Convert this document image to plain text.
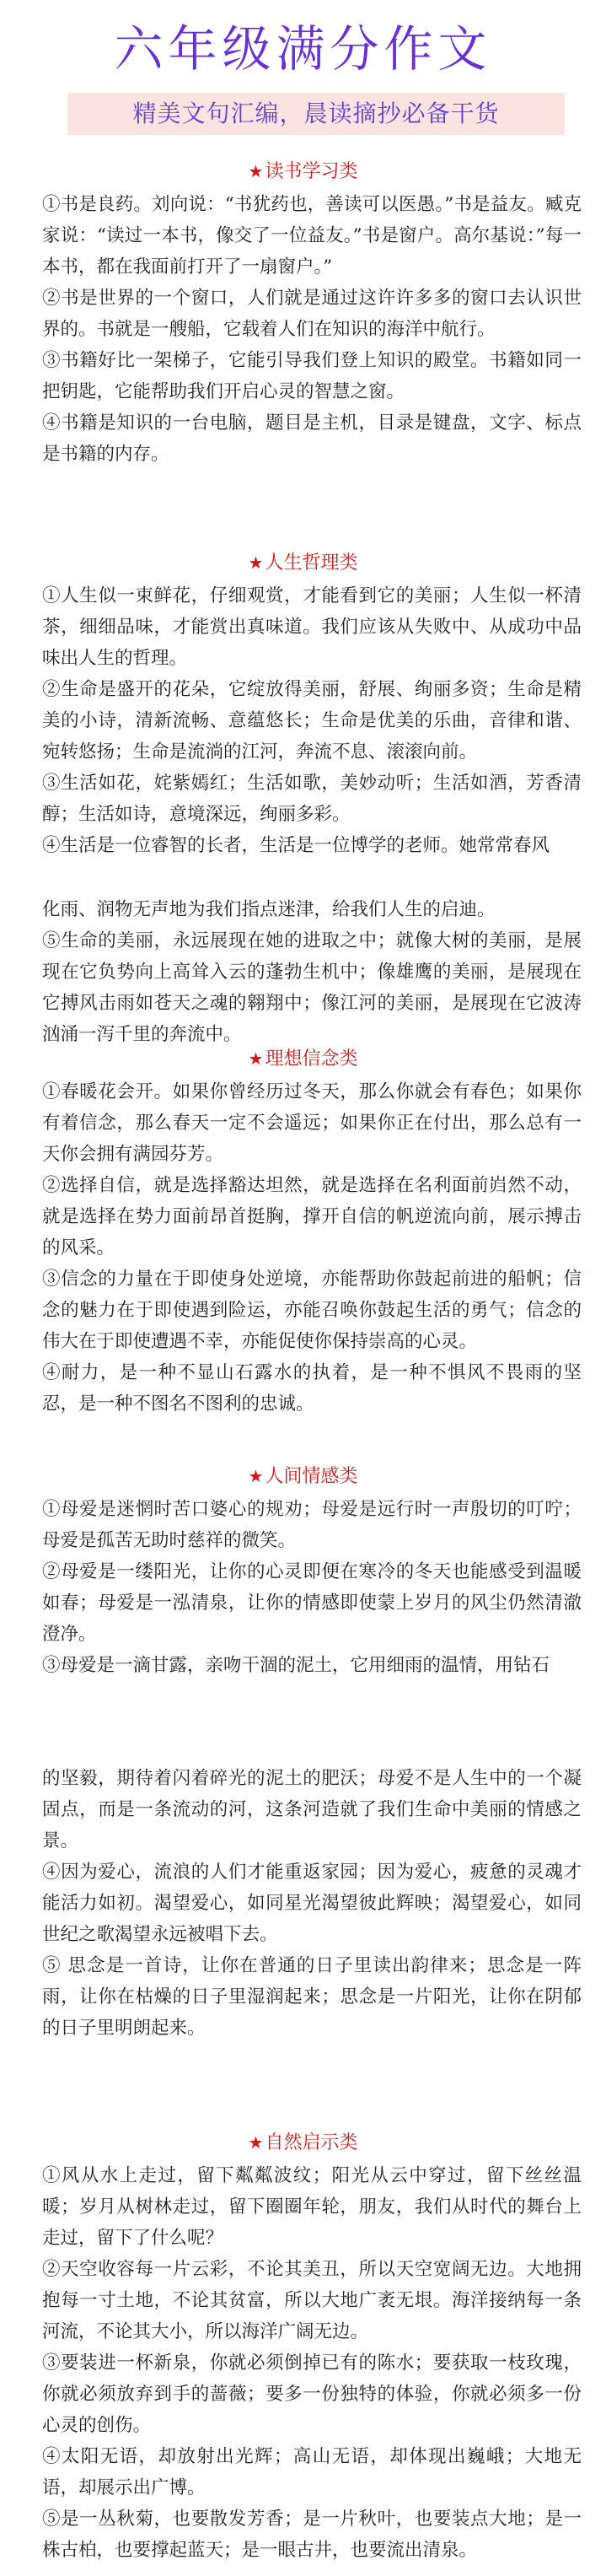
六年级满分作文
精美文句汇编，晨读摘抄必备干货
★读书学习类

①书是良药。刘向说：“书犹药也，善读可以医愚。”书是益友。臧克家说：“读过一本书，像交了一位益友。”书是窗户。高尔基说：”每一本书，都在我面前打开了一扇窗户。”

②书是世界的一个窗口，人们就是通过这许许多多的窗口去认识世界的。书就是一艘船，它载着人们在知识的海洋中航行。

③书籍好比一架梯子，它能引导我们登上知识的殿堂。书籍如同一把钥匙，它能帮助我们开启心灵的智慧之窗。

④书籍是知识的一台电脑，题目是主机，目录是键盘，文字、标点是书籍的内存。

★人生哲理类

①人生似一束鲜花，仔细观赏，才能看到它的美丽；人生似一杯清茶，细细品味，才能赏出真味道。我们应该从失败中、从成功中品味出人生的哲理。

②生命是盛开的花朵，它绽放得美丽，舒展、绚丽多资；生命是精美的小诗，清新流畅、意蕴悠长；生命是优美的乐曲，音律和谐、宛转悠扬；生命是流淌的江河，奔流不息、滚滚向前。

③生活如花，姹紫嫣红；生活如歌，美妙动听；生活如酒，芳香清醇；生活如诗，意境深远，绚丽多彩。

④生活是一位睿智的长者，生活是一位博学的老师。她常常春风

化雨、润物无声地为我们指点迷津，给我们人生的启迪。

⑤生命的美丽，永远展现在她的进取之中；就像大树的美丽，是展现在它负势向上高耸入云的蓬勃生机中；像雄鹰的美丽，是展现在它搏风击雨如苍天之魂的翱翔中；像江河的美丽，是展现在它波涛汹涌一泻千里的奔流中。

★理想信念类

①春暖花会开。如果你曾经历过冬天，那么你就会有春色；如果你有着信念，那么春天一定不会遥远；如果你正在付出，那么总有一天你会拥有满园芬芳。

②选择自信，就是选择豁达坦然，就是选择在名利面前岿然不动，就是选择在势力面前昂首挺胸，撑开自信的帆逆流向前，展示搏击的风采。

③信念的力量在于即使身处逆境，亦能帮助你鼓起前进的船帆；信念的魅力在于即使遇到险运，亦能召唤你鼓起生活的勇气；信念的伟大在于即使遭遇不幸，亦能促使你保持崇高的心灵。

④耐力，是一种不显山石露水的执着，是一种不惧风不畏雨的坚忍，是一种不图名不图利的忠诚。

★人间情感类

①母爱是迷惘时苦口婆心的规劝；母爱是远行时一声殷切的叮咛；母爱是孤苦无助时慈祥的微笑。

②母爱是一缕阳光，让你的心灵即便在寒冷的冬天也能感受到温暖如春；母爱是一泓清泉，让你的情感即使蒙上岁月的风尘仍然清澈澄净。

③母爱是一滴甘露，亲吻干涸的泥土，它用细雨的温情，用钻石

的坚毅，期待着闪着碎光的泥土的肥沃；母爱不是人生中的一个凝固点，而是一条流动的河，这条河造就了我们生命中美丽的情感之景。

④因为爱心，流浪的人们才能重返家园；因为爱心，疲惫的灵魂才能活力如初。渴望爱心，如同星光渴望彼此辉映；渴望爱心，如同世纪之歌渴望永远被唱下去。

⑤ 思念是一首诗，让你在普通的日子里读出韵律来；思念是一阵雨，让你在枯燥的日子里湿润起来；思念是一片阳光，让你在阴郁的日子里明朗起来。

★自然启示类

①风从水上走过，留下粼粼波纹；阳光从云中穿过，留下丝丝温暖；岁月从树林走过，留下圈圈年轮，朋友，我们从时代的舞台上走过，留下了什么呢？

②天空收容每一片云彩，不论其美丑，所以天空宽阔无边。大地拥抱每一寸土地，不论其贫富，所以大地广袤无垠。海洋接纳每一条河流，不论其大小，所以海洋广阔无边。

③要装进一杯新泉，你就必须倒掉已有的陈水；要获取一枝玫瑰，你就必须放弃到手的蔷薇；要多一份独特的体验，你就必须多一份心灵的创伤。

④太阳无语，却放射出光辉；高山无语，却体现出巍峨；大地无语，却展示出广博。

⑤是一丛秋菊，也要散发芳香；是一片秋叶，也要装点大地；是一株古柏，也要撑起蓝天；是一眼古井，也要流出清泉。
